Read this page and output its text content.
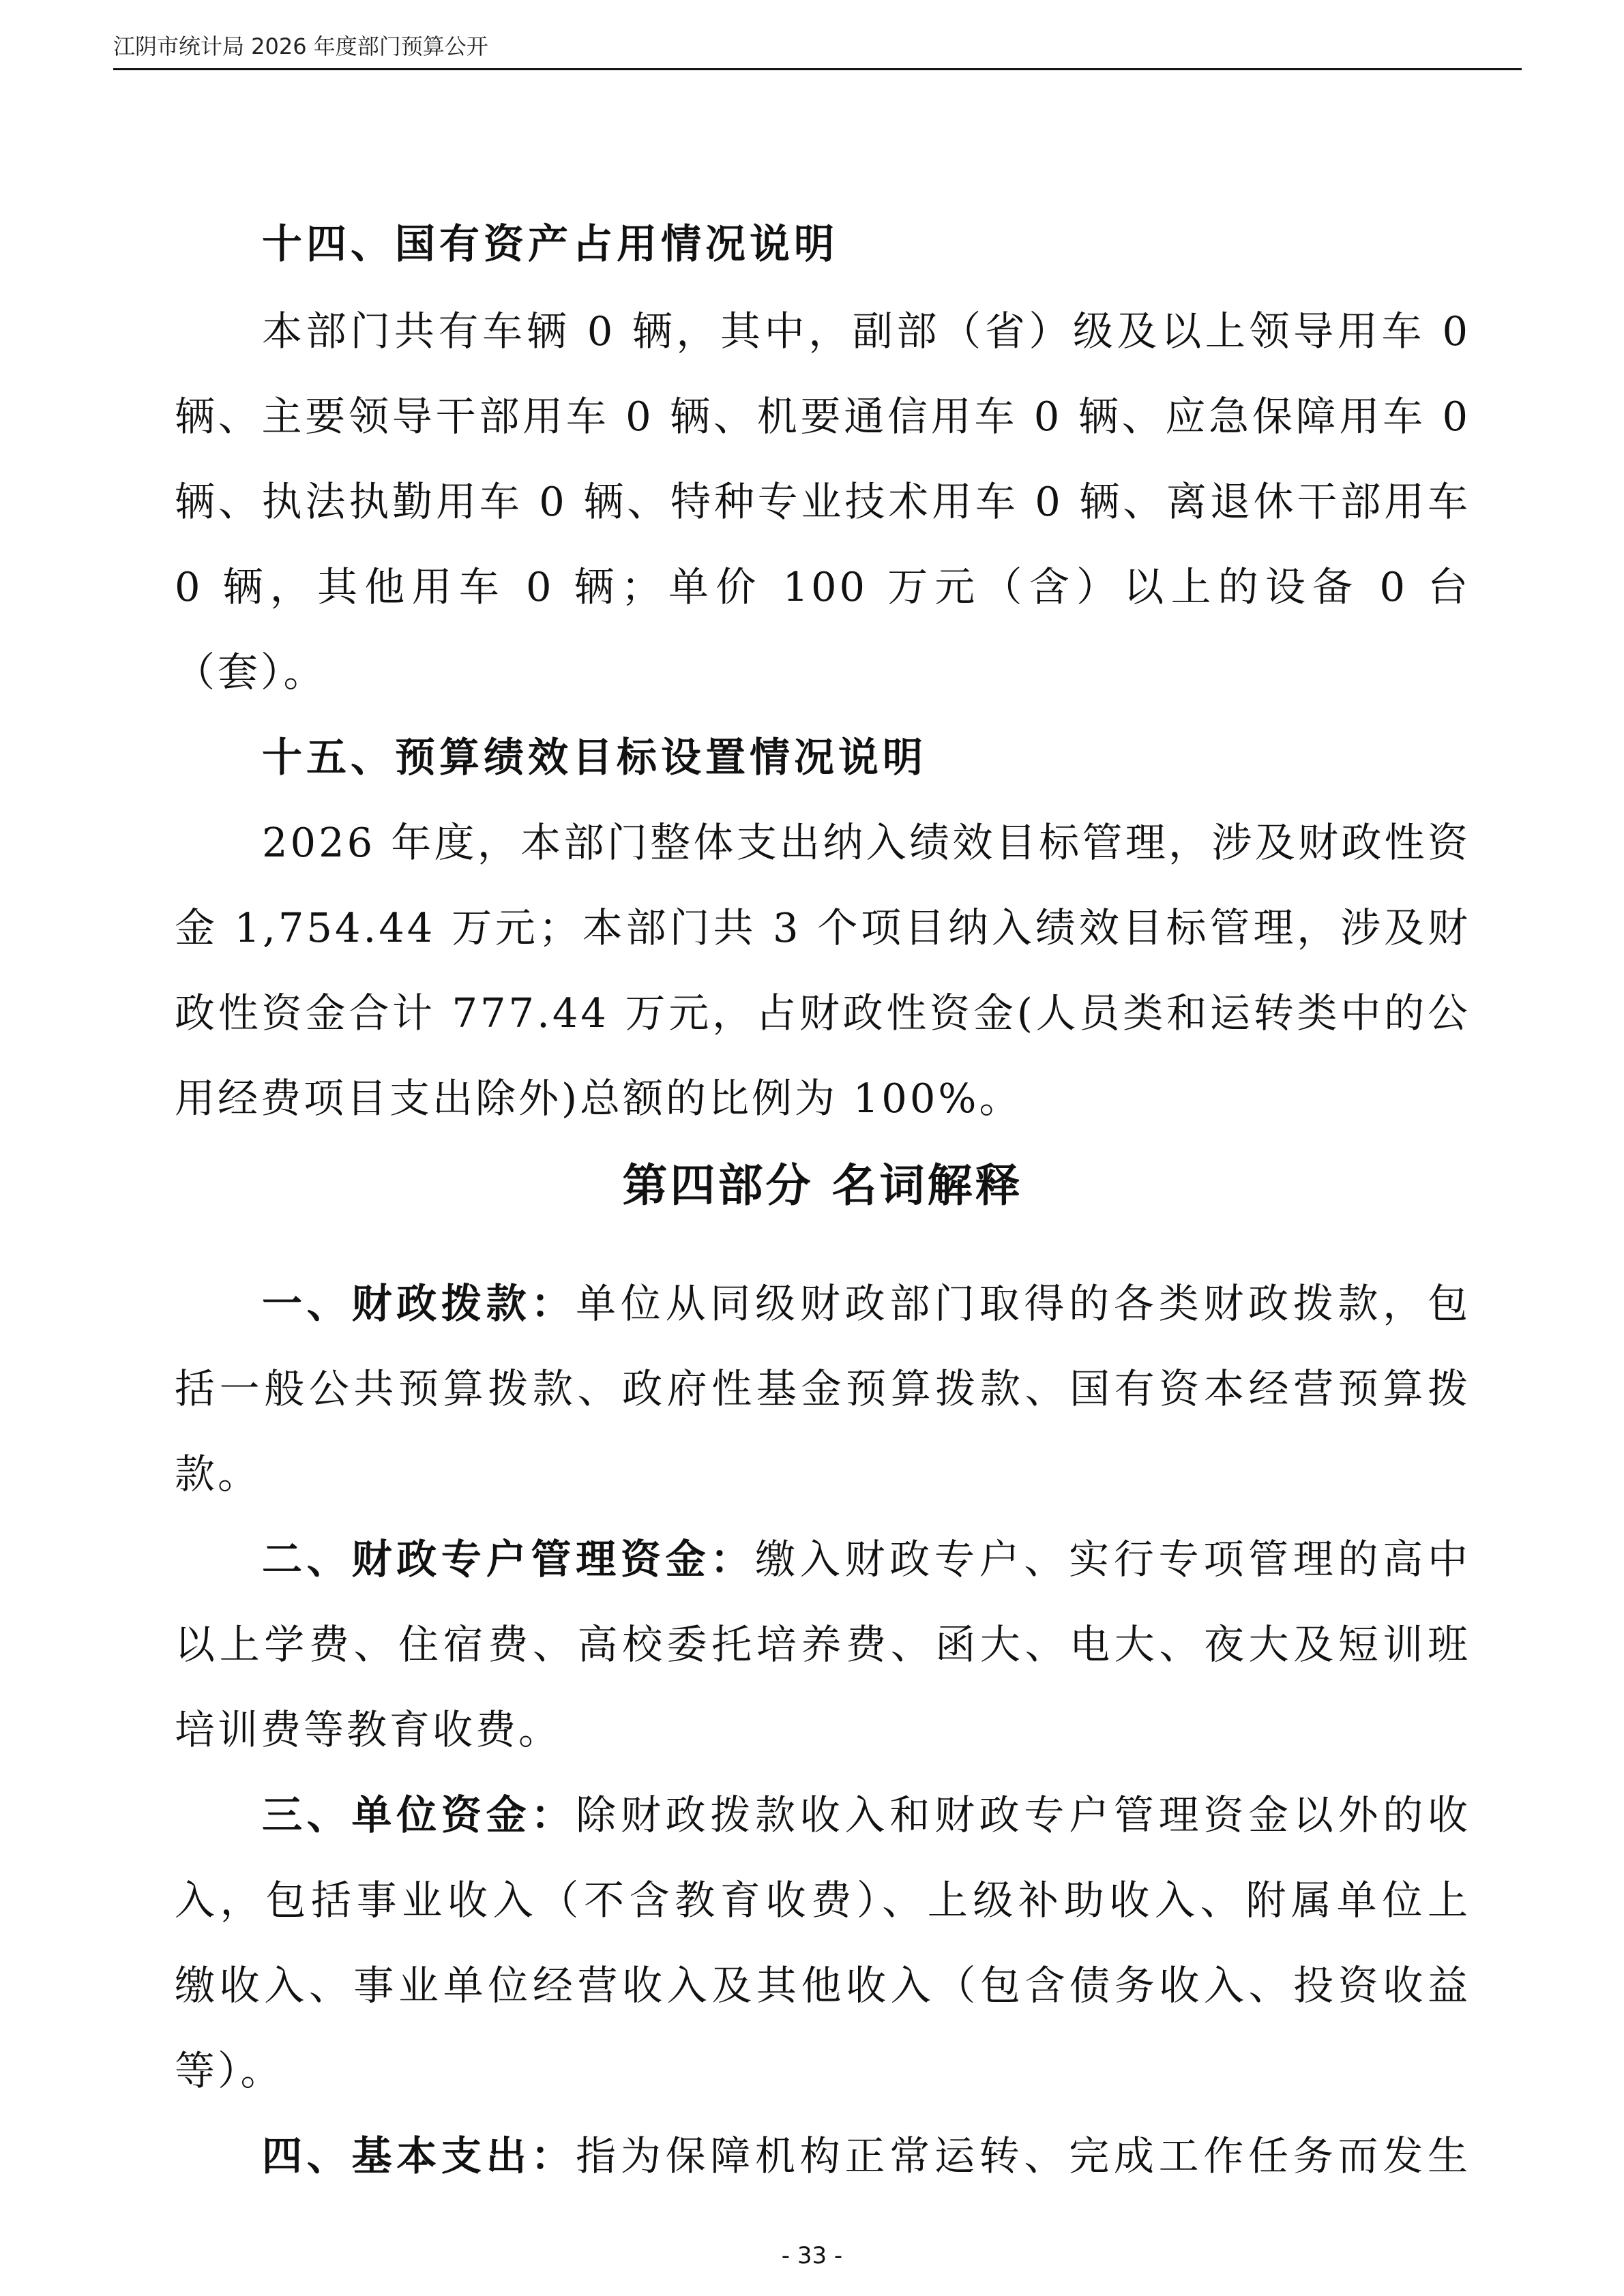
江阴市统计局 2026 年度部门预算公开
十四、国有资产占用情况说明
本部门共有车辆 0 辆，其中，副部（省）级及以上领导用车 0
辆、主要领导干部用车 0 辆、机要通信用车 0 辆、应急保障用车 0
辆、执法执勤用车 0 辆、特种专业技术用车 0 辆、离退休干部用车
0 辆，其他用车 0 辆；单价 100 万元（含）以上的设备 0 台
（套）。
十五、预算绩效目标设置情况说明
2026 年度，本部门整体支出纳入绩效目标管理，涉及财政性资
金 1,754.44 万元；本部门共 3 个项目纳入绩效目标管理，涉及财
政性资金合计 777.44 万元，占财政性资金(人员类和运转类中的公
用经费项目支出除外)总额的比例为 100%。
第四部分 名词解释
一、财政拨款：单位从同级财政部门取得的各类财政拨款，包
括一般公共预算拨款、政府性基金预算拨款、国有资本经营预算拨
款。
二、财政专户管理资金：缴入财政专户、实行专项管理的高中
以上学费、住宿费、高校委托培养费、函大、电大、夜大及短训班
培训费等教育收费。
三、单位资金：除财政拨款收入和财政专户管理资金以外的收
入，包括事业收入（不含教育收费）、上级补助收入、附属单位上
缴收入、事业单位经营收入及其他收入（包含债务收入、投资收益
等）。
四、基本支出：指为保障机构正常运转、完成工作任务而发生
- 33 -
